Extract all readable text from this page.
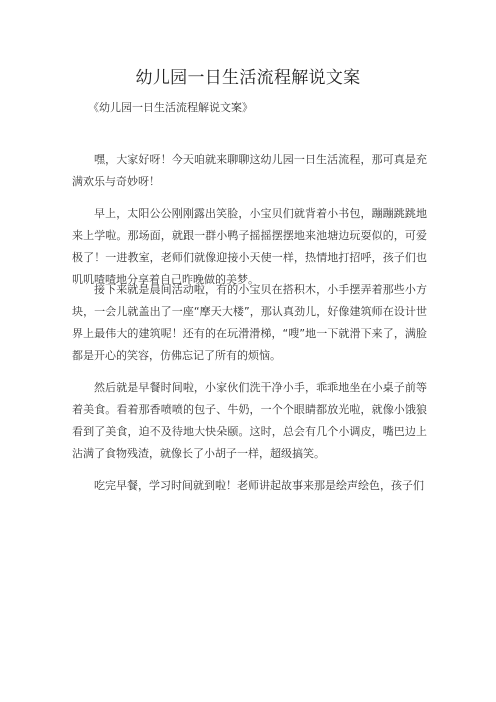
幼儿园一日生活流程解说文案
《幼儿园一日生活流程解说文案》

嘿，大家好呀！今天咱就来聊聊这幼儿园一日生活流程，那可真是充满欢乐与奇妙呀！

早上，太阳公公刚刚露出笑脸，小宝贝们就背着小书包，蹦蹦跳跳地来上学啦。那场面，就跟一群小鸭子摇摇摆摆地来池塘边玩耍似的，可爱极了！一进教室，老师们就像迎接小天使一样，热情地打招呼，孩子们也叽叽喳喳地分享着自己昨晚做的美梦。

接下来就是晨间活动啦，有的小宝贝在搭积木，小手摆弄着那些小方块，一会儿就盖出了一座“摩天大楼”，那认真劲儿，好像建筑师在设计世界上最伟大的建筑呢！还有的在玩滑滑梯，“嗖”地一下就滑下来了，满脸都是开心的笑容，仿佛忘记了所有的烦恼。

然后就是早餐时间啦，小家伙们洗干净小手，乖乖地坐在小桌子前等着美食。看着那香喷喷的包子、牛奶，一个个眼睛都放光啦，就像小饿狼看到了美食，迫不及待地大快朵颐。这时，总会有几个小调皮，嘴巴边上沾满了食物残渣，就像长了小胡子一样，超级搞笑。

吃完早餐，学习时间就到啦！老师讲起故事来那是绘声绘色，孩子们
